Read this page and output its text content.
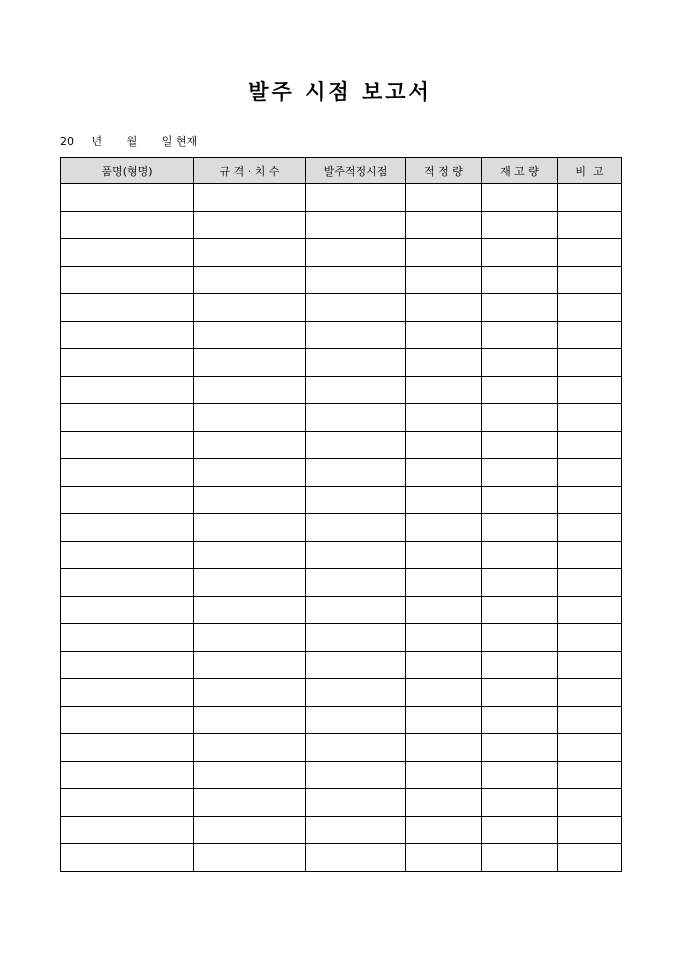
발주 시점 보고서
20 년 월 일 현재
품명(형명)	규 격 · 치 수	발주적정시점	적 정 량	재 고 량	비  고
